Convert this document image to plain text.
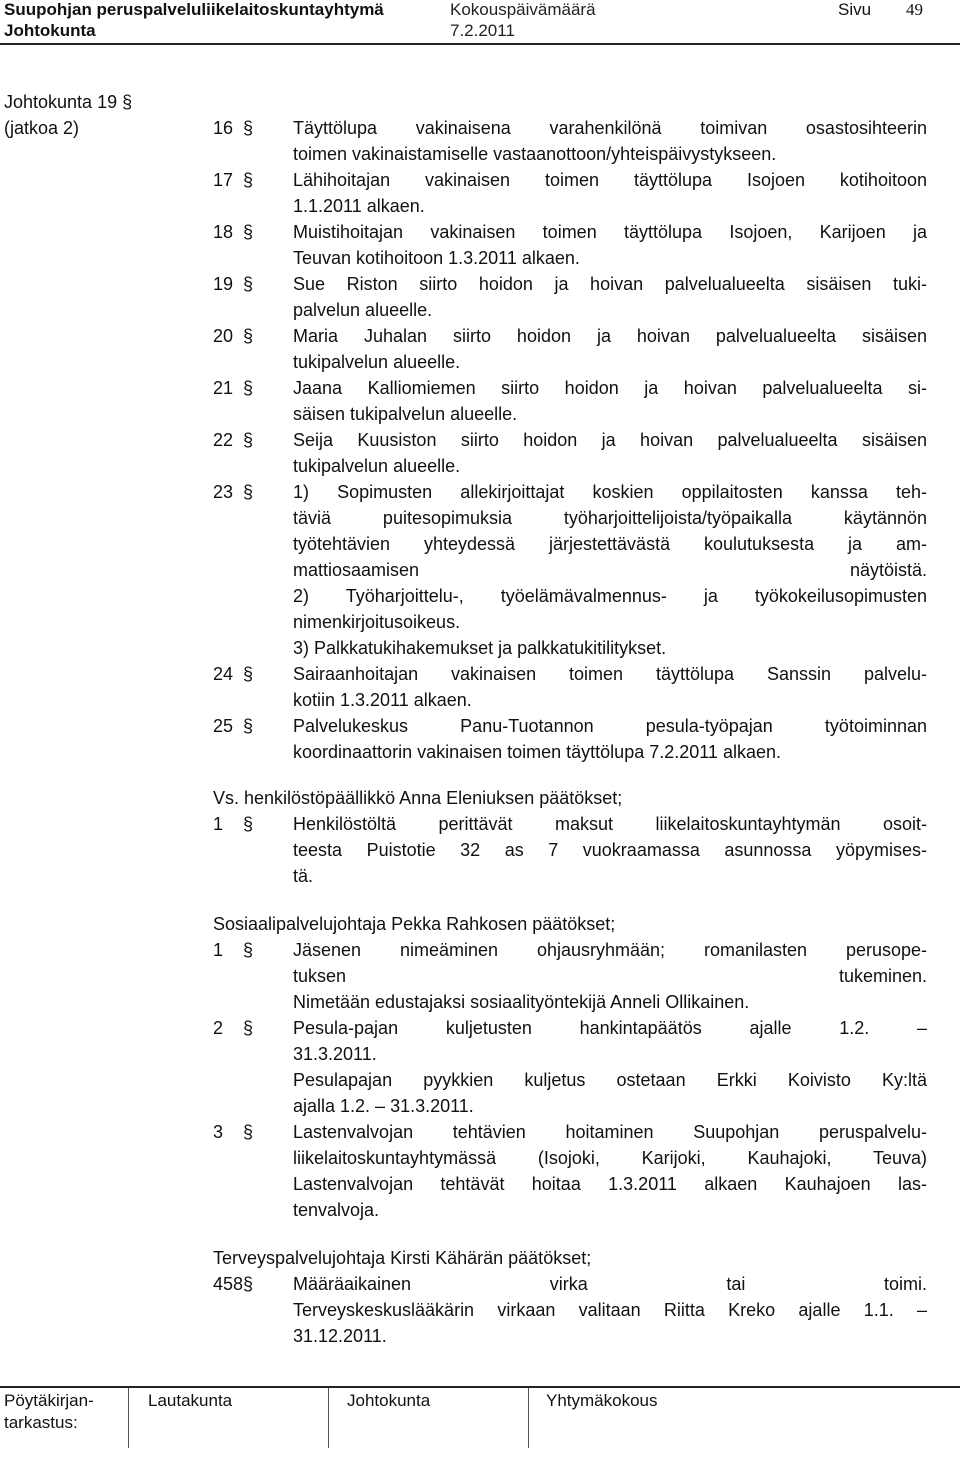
Suupohjan peruspalveluliikelaitoskuntayhtymä
Johtokunta
Kokouspäivämäärä
7.2.2011
Sivu 49
Johtokunta 19 §
(jatkoa 2)	16 § Täyttölupa vakinaisena varahenkilönä toimivan osastosihteerin
toimen vakinaistamiselle vastaanottoon/yhteispäivystykseen.
17 § Lähihoitajan vakinaisen toimen täyttölupa Isojoen kotihoitoon
1.1.2011 alkaen.
18 § Muistihoitajan vakinaisen toimen täyttölupa Isojoen, Karijoen ja
Teuvan kotihoitoon 1.3.2011 alkaen.
19 § Sue Riston siirto hoidon ja hoivan palvelualueelta sisäisen tuki-
palvelun alueelle.
20 § Maria Juhalan siirto hoidon ja hoivan palvelualueelta sisäisen
tukipalvelun alueelle.
21 § Jaana Kalliomiemen siirto hoidon ja hoivan palvelualueelta si-
säisen tukipalvelun alueelle.
22 § Seija Kuusiston siirto hoidon ja hoivan palvelualueelta sisäisen
tukipalvelun alueelle.
23 § 1) Sopimusten allekirjoittajat koskien oppilaitosten kanssa teh-
täviä puitesopimuksia työharjoittelijoista/työpaikalla käytännön
työtehtävien yhteydessä järjestettävästä koulutuksesta ja am-
mattiosaamisen näytöistä.
2) Työharjoittelu-, työelämävalmennus- ja työkokeilusopimusten
nimenkirjoitusoikeus.
3) Palkkatukihakemukset ja palkkatukitilitykset.
24 § Sairaanhoitajan vakinaisen toimen täyttölupa Sanssin palvelu-
kotiin 1.3.2011 alkaen.
25 § Palvelukeskus Panu-Tuotannon pesula-työpajan työtoiminnan
koordinaattorin vakinaisen toimen täyttölupa 7.2.2011 alkaen.
Vs. henkilöstöpäällikkö Anna Eleniuksen päätökset;
1 § Henkilöstöltä perittävät maksut liikelaitoskuntayhtymän osoit-
teesta Puistotie 32 as 7 vuokraamassa asunnossa yöpymises-
tä.
Sosiaalipalvelujohtaja Pekka Rahkosen päätökset;
1 § Jäsenen nimeäminen ohjausryhmään; romanilasten perusope-
tuksen tukeminen.
Nimetään edustajaksi sosiaalityöntekijä Anneli Ollikainen.
2 § Pesula-pajan kuljetusten hankintapäätös ajalle 1.2. –
31.3.2011.
Pesulapajan pyykkien kuljetus ostetaan Erkki Koivisto Ky:ltä
ajalla 1.2. – 31.3.2011.
3 § Lastenvalvojan tehtävien hoitaminen Suupohjan peruspalvelu-
liikelaitoskuntayhtymässä (Isojoki, Karijoki, Kauhajoki, Teuva)
Lastenvalvojan tehtävät hoitaa 1.3.2011 alkaen Kauhajoen las-
tenvalvoja.
Terveyspalvelujohtaja Kirsti Kähärän päätökset;
458 § Määräaikainen virka tai toimi.
Terveyskeskuslääkärin virkaan valitaan Riitta Kreko ajalle 1.1. –
31.12.2011.
Pöytäkirjan-
tarkastus:
Lautakunta	Johtokunta	Yhtymäkokous
